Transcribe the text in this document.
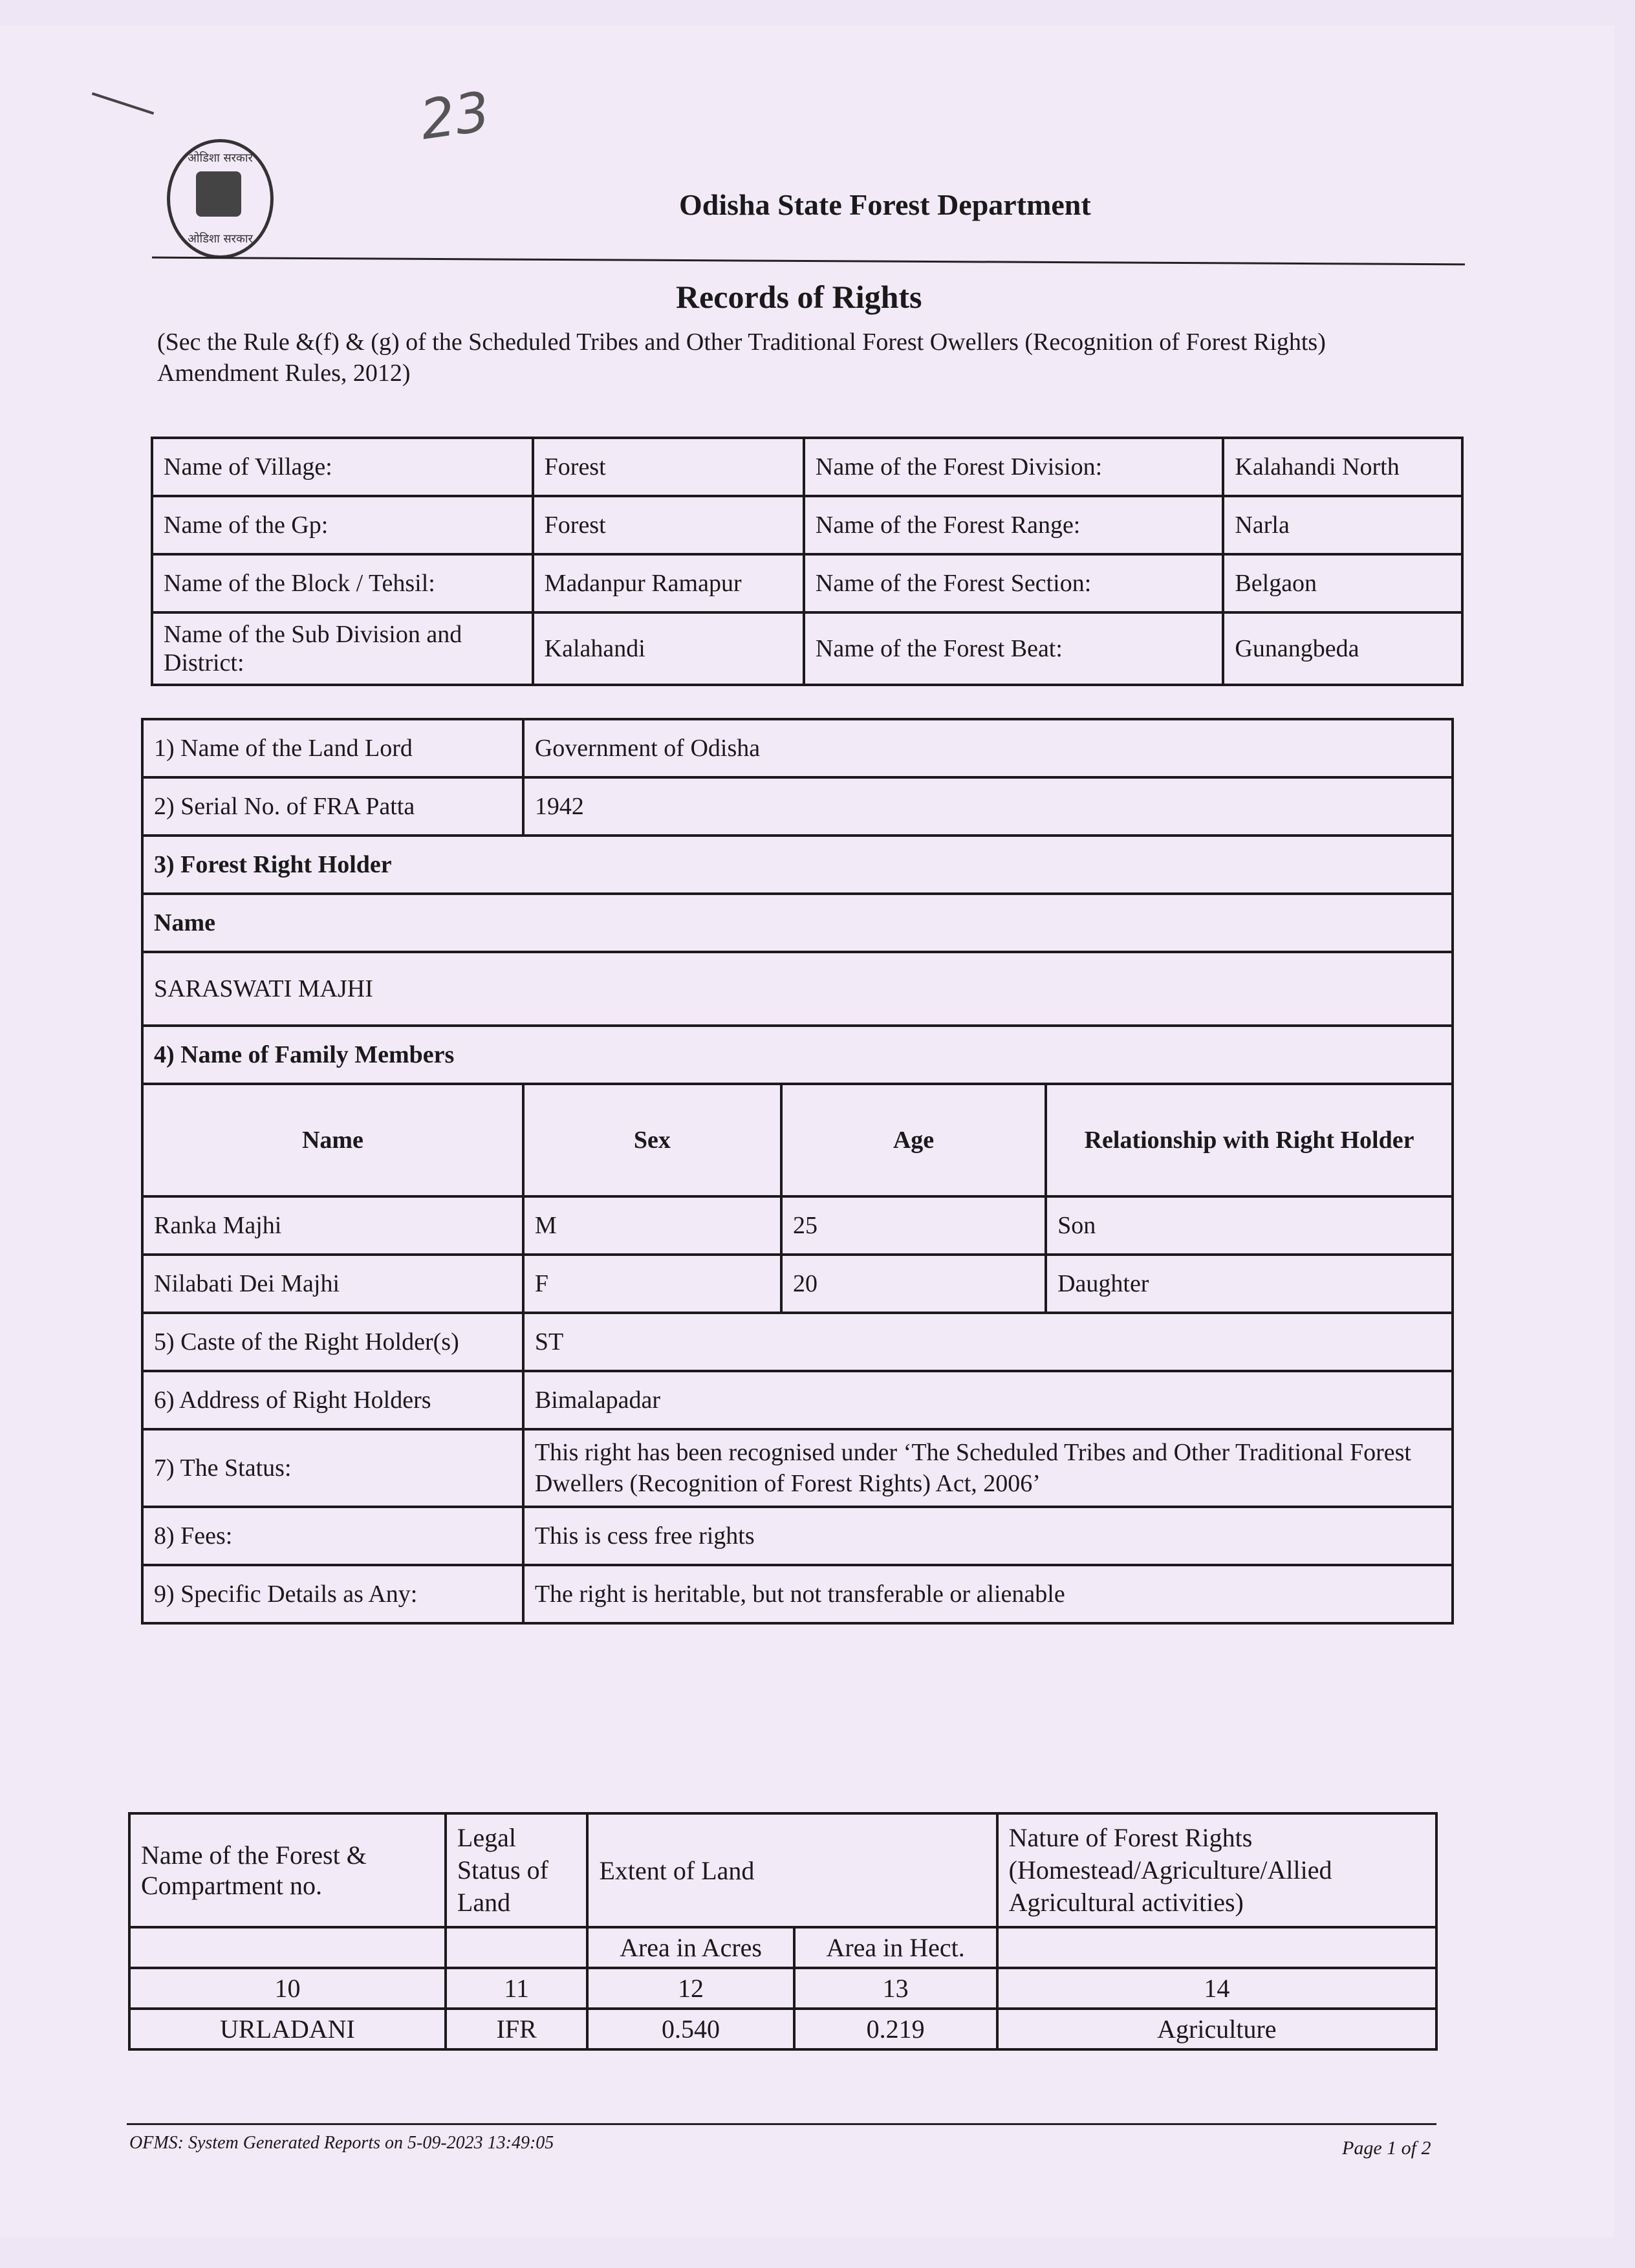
23
ओडिशा सरकार
ओडिशा सरकार
Odisha State Forest Department
Records of Rights
(Sec the Rule &(f) & (g) of the Scheduled Tribes and Other Traditional Forest Owellers (Recognition of Forest Rights) Amendment Rules, 2012)
Name of Village:	Forest	Name of the Forest Division:	Kalahandi North
Name of the Gp:	Forest	Name of the Forest Range:	Narla
Name of the Block / Tehsil:	Madanpur Ramapur	Name of the Forest Section:	Belgaon
Name of the Sub Division and District:	Kalahandi	Name of the Forest Beat:	Gunangbeda
1) Name of the Land Lord	Government of Odisha		
2) Serial No. of FRA Patta	1942		
3) Forest Right Holder			
Name			
SARASWATI MAJHI			
4) Name of Family Members			
Name	Sex	Age	Relationship with Right Holder
Ranka Majhi	M	25	Son
Nilabati Dei Majhi	F	20	Daughter
5) Caste of the Right Holder(s)	ST		
6) Address of Right Holders	Bimalapadar		
7) The Status:	This right has been recognised under ‘The Scheduled Tribes and Other Traditional Forest Dwellers (Recognition of Forest Rights) Act, 2006’		
8) Fees:	This is cess free rights		
9) Specific Details as Any:	The right is heritable, but not transferable or alienable		
Name of the Forest & Compartment no.	Legal Status of Land	Extent of Land		Nature of Forest Rights (Homestead/Agriculture/Allied Agricultural activities)
		Area in Acres	Area in Hect.	
10	11	12	13	14
URLADANI	IFR	0.540	0.219	Agriculture
OFMS: System Generated Reports on 5-09-2023 13:49:05	Page 1 of 2
